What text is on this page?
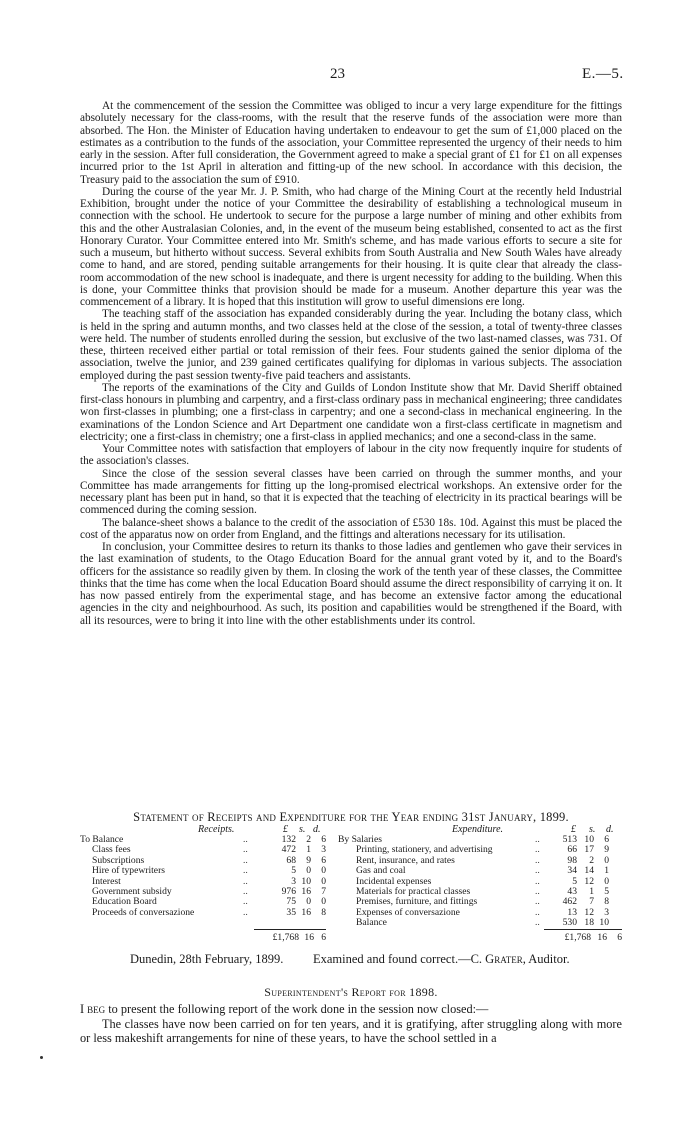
23	E.—5.

At the commencement of the session the Committee was obliged to incur a very large expenditure for the fittings absolutely necessary for the class-rooms, with the result that the reserve funds of the association were more than absorbed. The Hon. the Minister of Education having undertaken to endeavour to get the sum of £1,000 placed on the estimates as a contribution to the funds of the association, your Committee represented the urgency of their needs to him early in the session. After full consideration, the Government agreed to make a special grant of £1 for £1 on all expenses incurred prior to the 1st April in alteration and fitting-up of the new school. In accordance with this decision, the Treasury paid to the association the sum of £910.

During the course of the year Mr. J. P. Smith, who had charge of the Mining Court at the recently held Industrial Exhibition, brought under the notice of your Committee the desirability of establishing a technological museum in connection with the school. He undertook to secure for the purpose a large number of mining and other exhibits from this and the other Australasian Colonies, and, in the event of the museum being established, consented to act as the first Honorary Curator. Your Committee entered into Mr. Smith's scheme, and has made various efforts to secure a site for such a museum, but hitherto without success. Several exhibits from South Australia and New South Wales have already come to hand, and are stored, pending suitable arrangements for their housing. It is quite clear that already the class-room accommodation of the new school is inadequate, and there is urgent necessity for adding to the building. When this is done, your Committee thinks that provision should be made for a museum. Another departure this year was the commencement of a library. It is hoped that this institution will grow to useful dimensions ere long.

The teaching staff of the association has expanded considerably during the year. Including the botany class, which is held in the spring and autumn months, and two classes held at the close of the session, a total of twenty-three classes were held. The number of students enrolled during the session, but exclusive of the two last-named classes, was 731. Of these, thirteen received either partial or total remission of their fees. Four students gained the senior diploma of the association, twelve the junior, and 239 gained certificates qualifying for diplomas in various subjects. The association employed during the past session twenty-five paid teachers and assistants.

The reports of the examinations of the City and Guilds of London Institute show that Mr. David Sheriff obtained first-class honours in plumbing and carpentry, and a first-class ordinary pass in mechanical engineering; three candidates won first-classes in plumbing; one a first-class in carpentry; and one a second-class in mechanical engineering. In the examinations of the London Science and Art Department one candidate won a first-class certificate in magnetism and electricity; one a first-class in chemistry; one a first-class in applied mechanics; and one a second-class in the same.

Your Committee notes with satisfaction that employers of labour in the city now frequently inquire for students of the association's classes.

Since the close of the session several classes have been carried on through the summer months, and your Committee has made arrangements for fitting up the long-promised electrical workshops. An extensive order for the necessary plant has been put in hand, so that it is expected that the teaching of electricity in its practical bearings will be commenced during the coming session.

The balance-sheet shows a balance to the credit of the association of £530 18s. 10d. Against this must be placed the cost of the apparatus now on order from England, and the fittings and alterations necessary for its utilisation.

In conclusion, your Committee desires to return its thanks to those ladies and gentlemen who gave their services in the last examination of students, to the Otago Education Board for the annual grant voted by it, and to the Board's officers for the assistance so readily given by them. In closing the work of the tenth year of these classes, the Committee thinks that the time has come when the local Education Board should assume the direct responsibility of carrying it on. It has now passed entirely from the experimental stage, and has become an extensive factor among the educational agencies in the city and neighbourhood. As such, its position and capabilities would be strengthened if the Board, with all its resources, were to bring it into line with the other establishments under its control.

Statement of Receipts and Expenditure for the Year ending 31st January, 1899.
Receipts.	£ s. d.
To Balance	..	132 2 6
Class fees	..	472 1 3
Subscriptions	..	68 9 6
Hire of typewriters	..	5 0 0
Interest	..	3 10 0
Government subsidy	..	976 16 7
Education Board	..	75 0 0
Proceeds of conversazione	..	35 16 8
Expenditure.	£ s. d.
By Salaries	.. 513 10 6
Printing, stationery, and advertising	..	66 17 9
Rent, insurance, and rates	..	98 2 0
Gas and coal	..	34 14 1
Incidental expenses	..	5 12 0
Materials for practical classes	..	43 1 5
Premises, furniture, and fittings	.. 462 7 8
Expenses of conversazione	..	13 12 3
Balance	.. 530 18 10
£1,768 16 6	£1,768 16 6
Dunedin, 28th February, 1899. Examined and found correct.—C. Grater, Auditor.
Superintendent's Report for 1898.

I beg to present the following report of the work done in the session now closed:—

The classes have now been carried on for ten years, and it is gratifying, after struggling along with more or less makeshift arrangements for nine of these years, to have the school settled in a
